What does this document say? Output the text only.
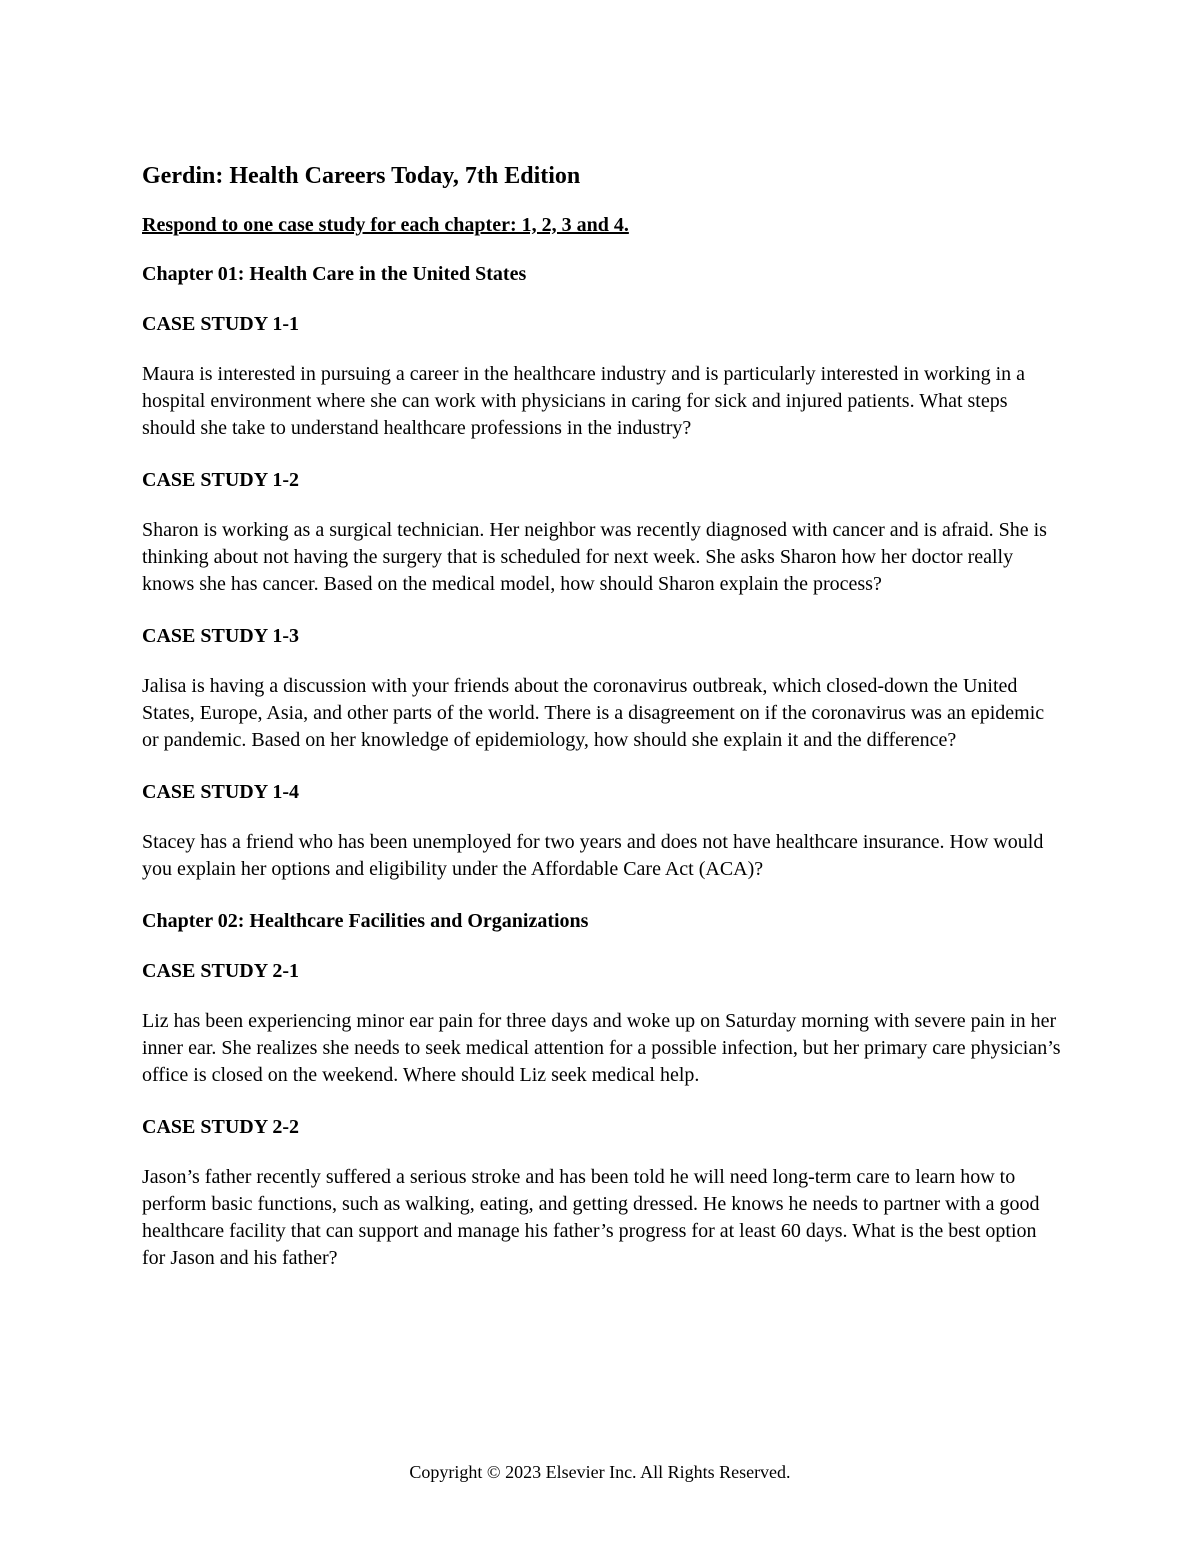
Gerdin: Health Careers Today, 7th Edition
Respond to one case study for each chapter: 1, 2, 3 and 4.
Chapter 01: Health Care in the United States
CASE STUDY 1-1

Maura is interested in pursuing a career in the healthcare industry and is particularly interested in working in a hospital environment where she can work with physicians in caring for sick and injured patients. What steps should she take to understand healthcare professions in the industry?

CASE STUDY 1-2

Sharon is working as a surgical technician. Her neighbor was recently diagnosed with cancer and is afraid. She is thinking about not having the surgery that is scheduled for next week. She asks Sharon how her doctor really knows she has cancer. Based on the medical model, how should Sharon explain the process?

CASE STUDY 1-3

Jalisa is having a discussion with your friends about the coronavirus outbreak, which closed-down the United States, Europe, Asia, and other parts of the world. There is a disagreement on if the coronavirus was an epidemic or pandemic. Based on her knowledge of epidemiology, how should she explain it and the difference?

CASE STUDY 1-4

Stacey has a friend who has been unemployed for two years and does not have healthcare insurance. How would you explain her options and eligibility under the Affordable Care Act (ACA)?

Chapter 02: Healthcare Facilities and Organizations
CASE STUDY 2-1

Liz has been experiencing minor ear pain for three days and woke up on Saturday morning with severe pain in her inner ear. She realizes she needs to seek medical attention for a possible infection, but her primary care physician’s office is closed on the weekend. Where should Liz seek medical help.

CASE STUDY 2-2

Jason’s father recently suffered a serious stroke and has been told he will need long-term care to learn how to perform basic functions, such as walking, eating, and getting dressed. He knows he needs to partner with a good healthcare facility that can support and manage his father’s progress for at least 60 days. What is the best option for Jason and his father?

Copyright © 2023 Elsevier Inc. All Rights Reserved.
